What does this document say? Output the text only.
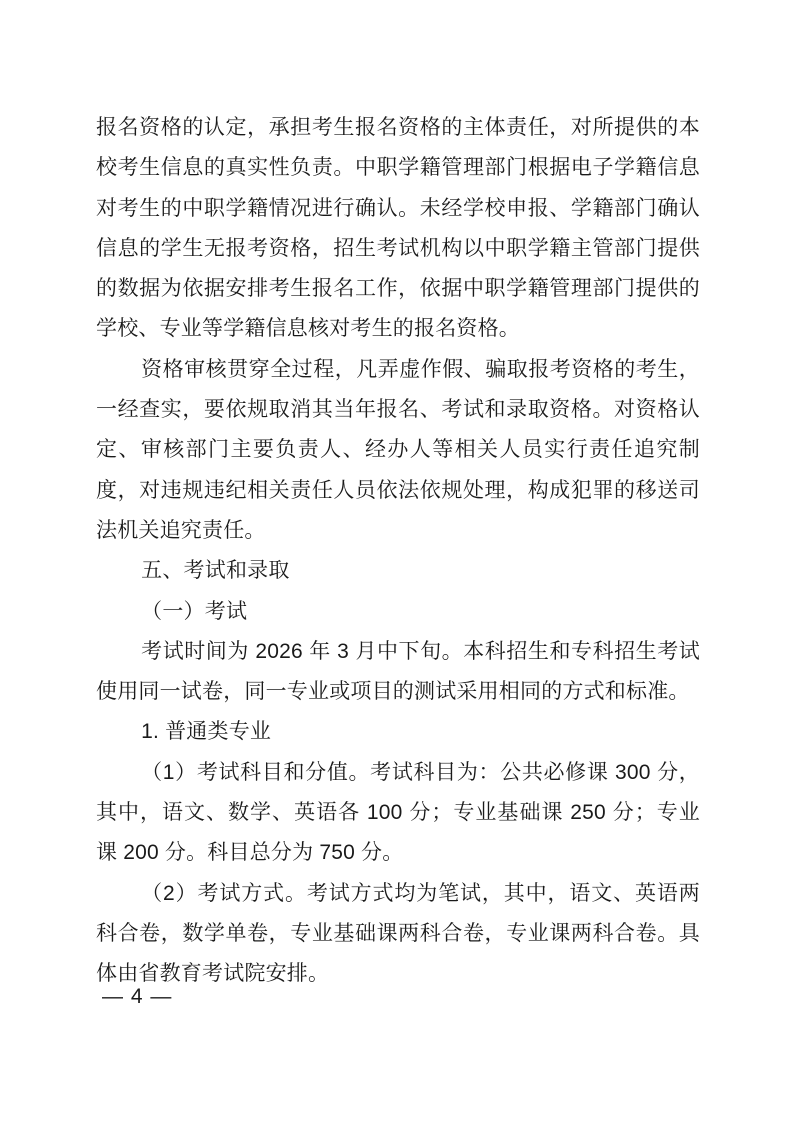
报名资格的认定，承担考生报名资格的主体责任，对所提供的本校考生信息的真实性负责。中职学籍管理部门根据电子学籍信息对考生的中职学籍情况进行确认。未经学校申报、学籍部门确认信息的学生无报考资格，招生考试机构以中职学籍主管部门提供的数据为依据安排考生报名工作，依据中职学籍管理部门提供的学校、专业等学籍信息核对考生的报名资格。

资格审核贯穿全过程，凡弄虚作假、骗取报考资格的考生，一经查实，要依规取消其当年报名、考试和录取资格。对资格认定、审核部门主要负责人、经办人等相关人员实行责任追究制度，对违规违纪相关责任人员依法依规处理，构成犯罪的移送司法机关追究责任。

五、考试和录取

（一）考试

考试时间为 2026 年 3 月中下旬。本科招生和专科招生考试使用同一试卷，同一专业或项目的测试采用相同的方式和标准。

1. 普通类专业

（1）考试科目和分值。考试科目为：公共必修课 300 分，其中，语文、数学、英语各 100 分；专业基础课 250 分；专业课 200 分。科目总分为 750 分。

（2）考试方式。考试方式均为笔试，其中，语文、英语两科合卷，数学单卷，专业基础课两科合卷，专业课两科合卷。具体由省教育考试院安排。

— 4 —
